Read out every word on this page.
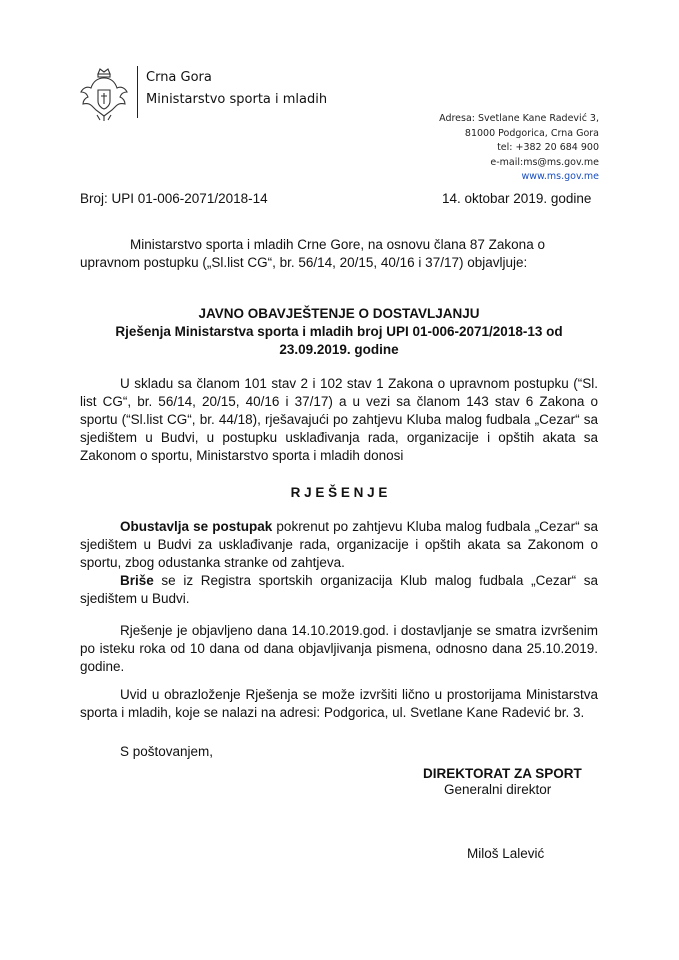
Crna Gora
Ministarstvo sporta i mladih
Adresa: Svetlane Kane Radević 3,
81000 Podgorica, Crna Gora
tel: +382 20 684 900
e-mail:ms@ms.gov.me
www.ms.gov.me
Broj: UPI 01-006-2071/2018-14	14. oktobar 2019. godine

Ministarstvo sporta i mladih Crne Gore, na osnovu člana 87 Zakona o

upravnom postupku („Sl.list CG“, br. 56/14, 20/15, 40/16 i 37/17) objavljuje:

JAVNO OBAVJEŠTENJE O DOSTAVLJANJU

Rješenja Ministarstva sporta i mladih broj UPI 01-006-2071/2018-13 od

23.09.2019. godine

U skladu sa članom 101 stav 2 i 102 stav 1 Zakona o upravnom postupku (“Sl. list CG“, br. 56/14, 20/15, 40/16 i 37/17) a u vezi sa članom 143 stav 6 Zakona o sportu (“Sl.list CG“, br. 44/18), rješavajući po zahtjevu Kluba malog fudbala „Cezar“ sa sjedištem u Budvi, u postupku usklađivanja rada, organizacije i opštih akata sa Zakonom o sportu, Ministarstvo sporta i mladih donosi

R J E Š E N J E

Obustavlja se postupak pokrenut po zahtjevu Kluba malog fudbala „Cezar“ sa sjedištem u Budvi za usklađivanje rada, organizacije i opštih akata sa Zakonom o sportu, zbog odustanka stranke od zahtjeva.

Briše se iz Registra sportskih organizacija Klub malog fudbala „Cezar“ sa sjedištem u Budvi.

Rješenje je objavljeno dana 14.10.2019.god. i dostavljanje se smatra izvršenim po isteku roka od 10 dana od dana objavljivanja pismena, odnosno dana 25.10.2019. godine.

Uvid u obrazloženje Rješenja se može izvršiti lično u prostorijama Ministarstva sporta i mladih, koje se nalazi na adresi: Podgorica, ul. Svetlane Kane Radević br. 3.

S poštovanjem,
DIREKTORAT ZA SPORT
Generalni direktor
Miloš Lalević
